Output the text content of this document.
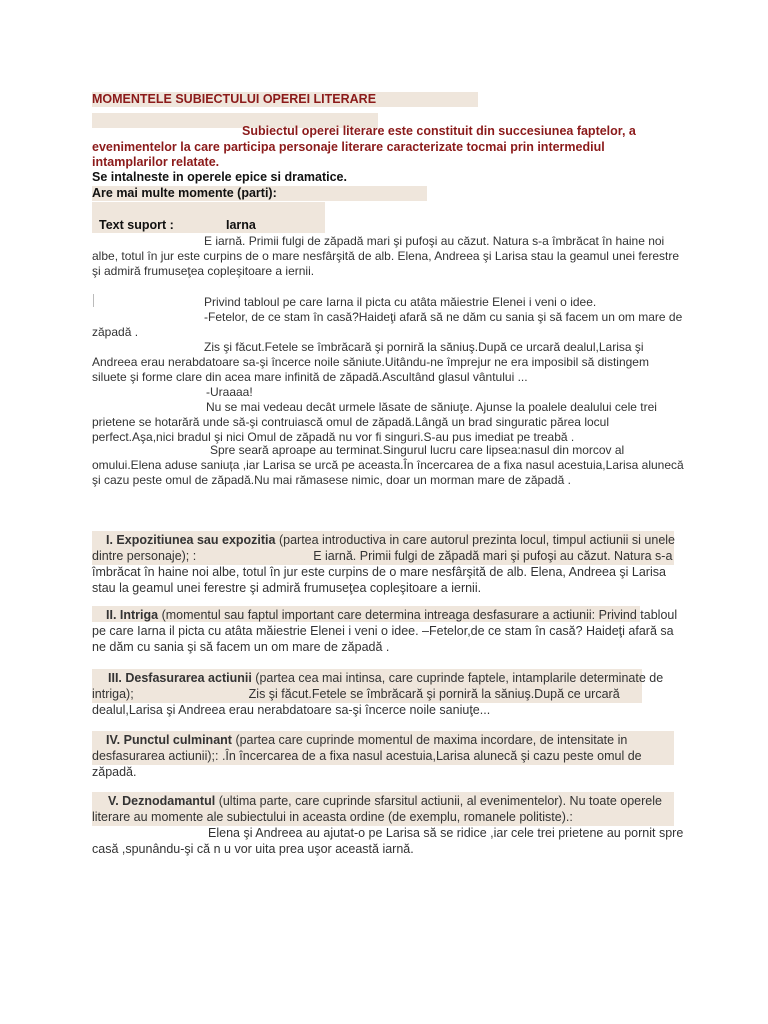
MOMENTELE SUBIECTULUI OPEREI LITERARE
Subiectul operei literare este constituit din succesiunea faptelor, a evenimentelor la care participa personaje literare caracterizate tocmai prin intermediul intamplarilor relatate.
Se intalneste in operele epice si dramatice.
Are mai multe momente (parti):
Text suport :	Iarna
E iarnă. Primii fulgi de zăpadă mari şi pufoşi au căzut. Natura s-a îmbrăcat în haine noi albe, totul în jur este curpins de o mare nesfârşită de alb. Elena, Andreea şi Larisa stau la geamul unei ferestre şi admiră frumuseţea copleşitoare a iernii.
Privind tabloul pe care Iarna il picta cu atâta măiestrie Elenei i veni o idee.
-Fetelor, de ce stam în casă?Haideţi afară să ne dăm cu sania şi să facem un om mare de zăpadă .
Zis şi făcut.Fetele se îmbrăcară şi porniră la săniuş.După ce urcară dealul,Larisa şi Andreea erau nerabdatoare sa-şi încerce noile săniute.Uitându-ne împrejur ne era imposibil să distingem siluete şi forme clare din acea mare infinită de zăpadă.Ascultând glasul vântului ...
-Uraaaa!
Nu se mai vedeau decât urmele lăsate de săniuţe. Ajunse la poalele dealului cele trei prietene se hotarără unde să-şi contruiască omul de zăpadă.Lângă un brad singuratic părea locul perfect.Aşa,nici bradul şi nici Omul de zăpadă nu vor fi singuri.S-au pus imediat pe treabă .
Spre seară aproape au terminat.Singurul lucru care lipsea:nasul din morcov al omului.Elena aduse saniuța ,iar Larisa se urcă pe aceasta.În încercarea de a fixa nasul acestuia,Larisa alunecă şi cazu peste omul de zăpadă.Nu mai rămasese nimic, doar un morman mare de zăpadă .
I. Expozitiunea sau expozitia (partea introductiva in care autorul prezinta locul, timpul actiunii si unele dintre personaje); :	E iarnă. Primii fulgi de zăpadă mari şi pufoşi au căzut. Natura s-a îmbrăcat în haine noi albe, totul în jur este curpins de o mare nesfârşită de alb. Elena, Andreea şi Larisa stau la geamul unei ferestre şi admiră frumuseţea copleşitoare a iernii.
II. Intriga (momentul sau faptul important care determina intreaga desfasurare a actiunii: Privind tabloul pe care Iarna il picta cu atâta măiestrie Elenei i veni o idee. –Fetelor,de ce stam în casă? Haideţi afară sa ne dăm cu sania şi să facem un om mare de zăpadă .
III. Desfasurarea actiunii (partea cea mai intinsa, care cuprinde faptele, intamplarile determinate de intriga);	Zis şi făcut.Fetele se îmbrăcară şi porniră la săniuş.După ce urcară dealul,Larisa şi Andreea erau nerabdatoare sa-şi încerce noile saniuţe...
IV. Punctul culminant (partea care cuprinde momentul de maxima incordare, de intensitate in desfasurarea actiunii);: .În încercarea de a fixa nasul acestuia,Larisa alunecă şi cazu peste omul de zăpadă.
V. Deznodamantul (ultima parte, care cuprinde sfarsitul actiunii, al evenimentelor). Nu toate operele literare au momente ale subiectului in aceasta ordine (de exemplu, romanele politiste).:
Elena şi Andreea au ajutat-o pe Larisa să se ridice ,iar cele trei prietene au pornit spre casă ,spunându-şi că n u vor uita prea uşor această iarnă.
